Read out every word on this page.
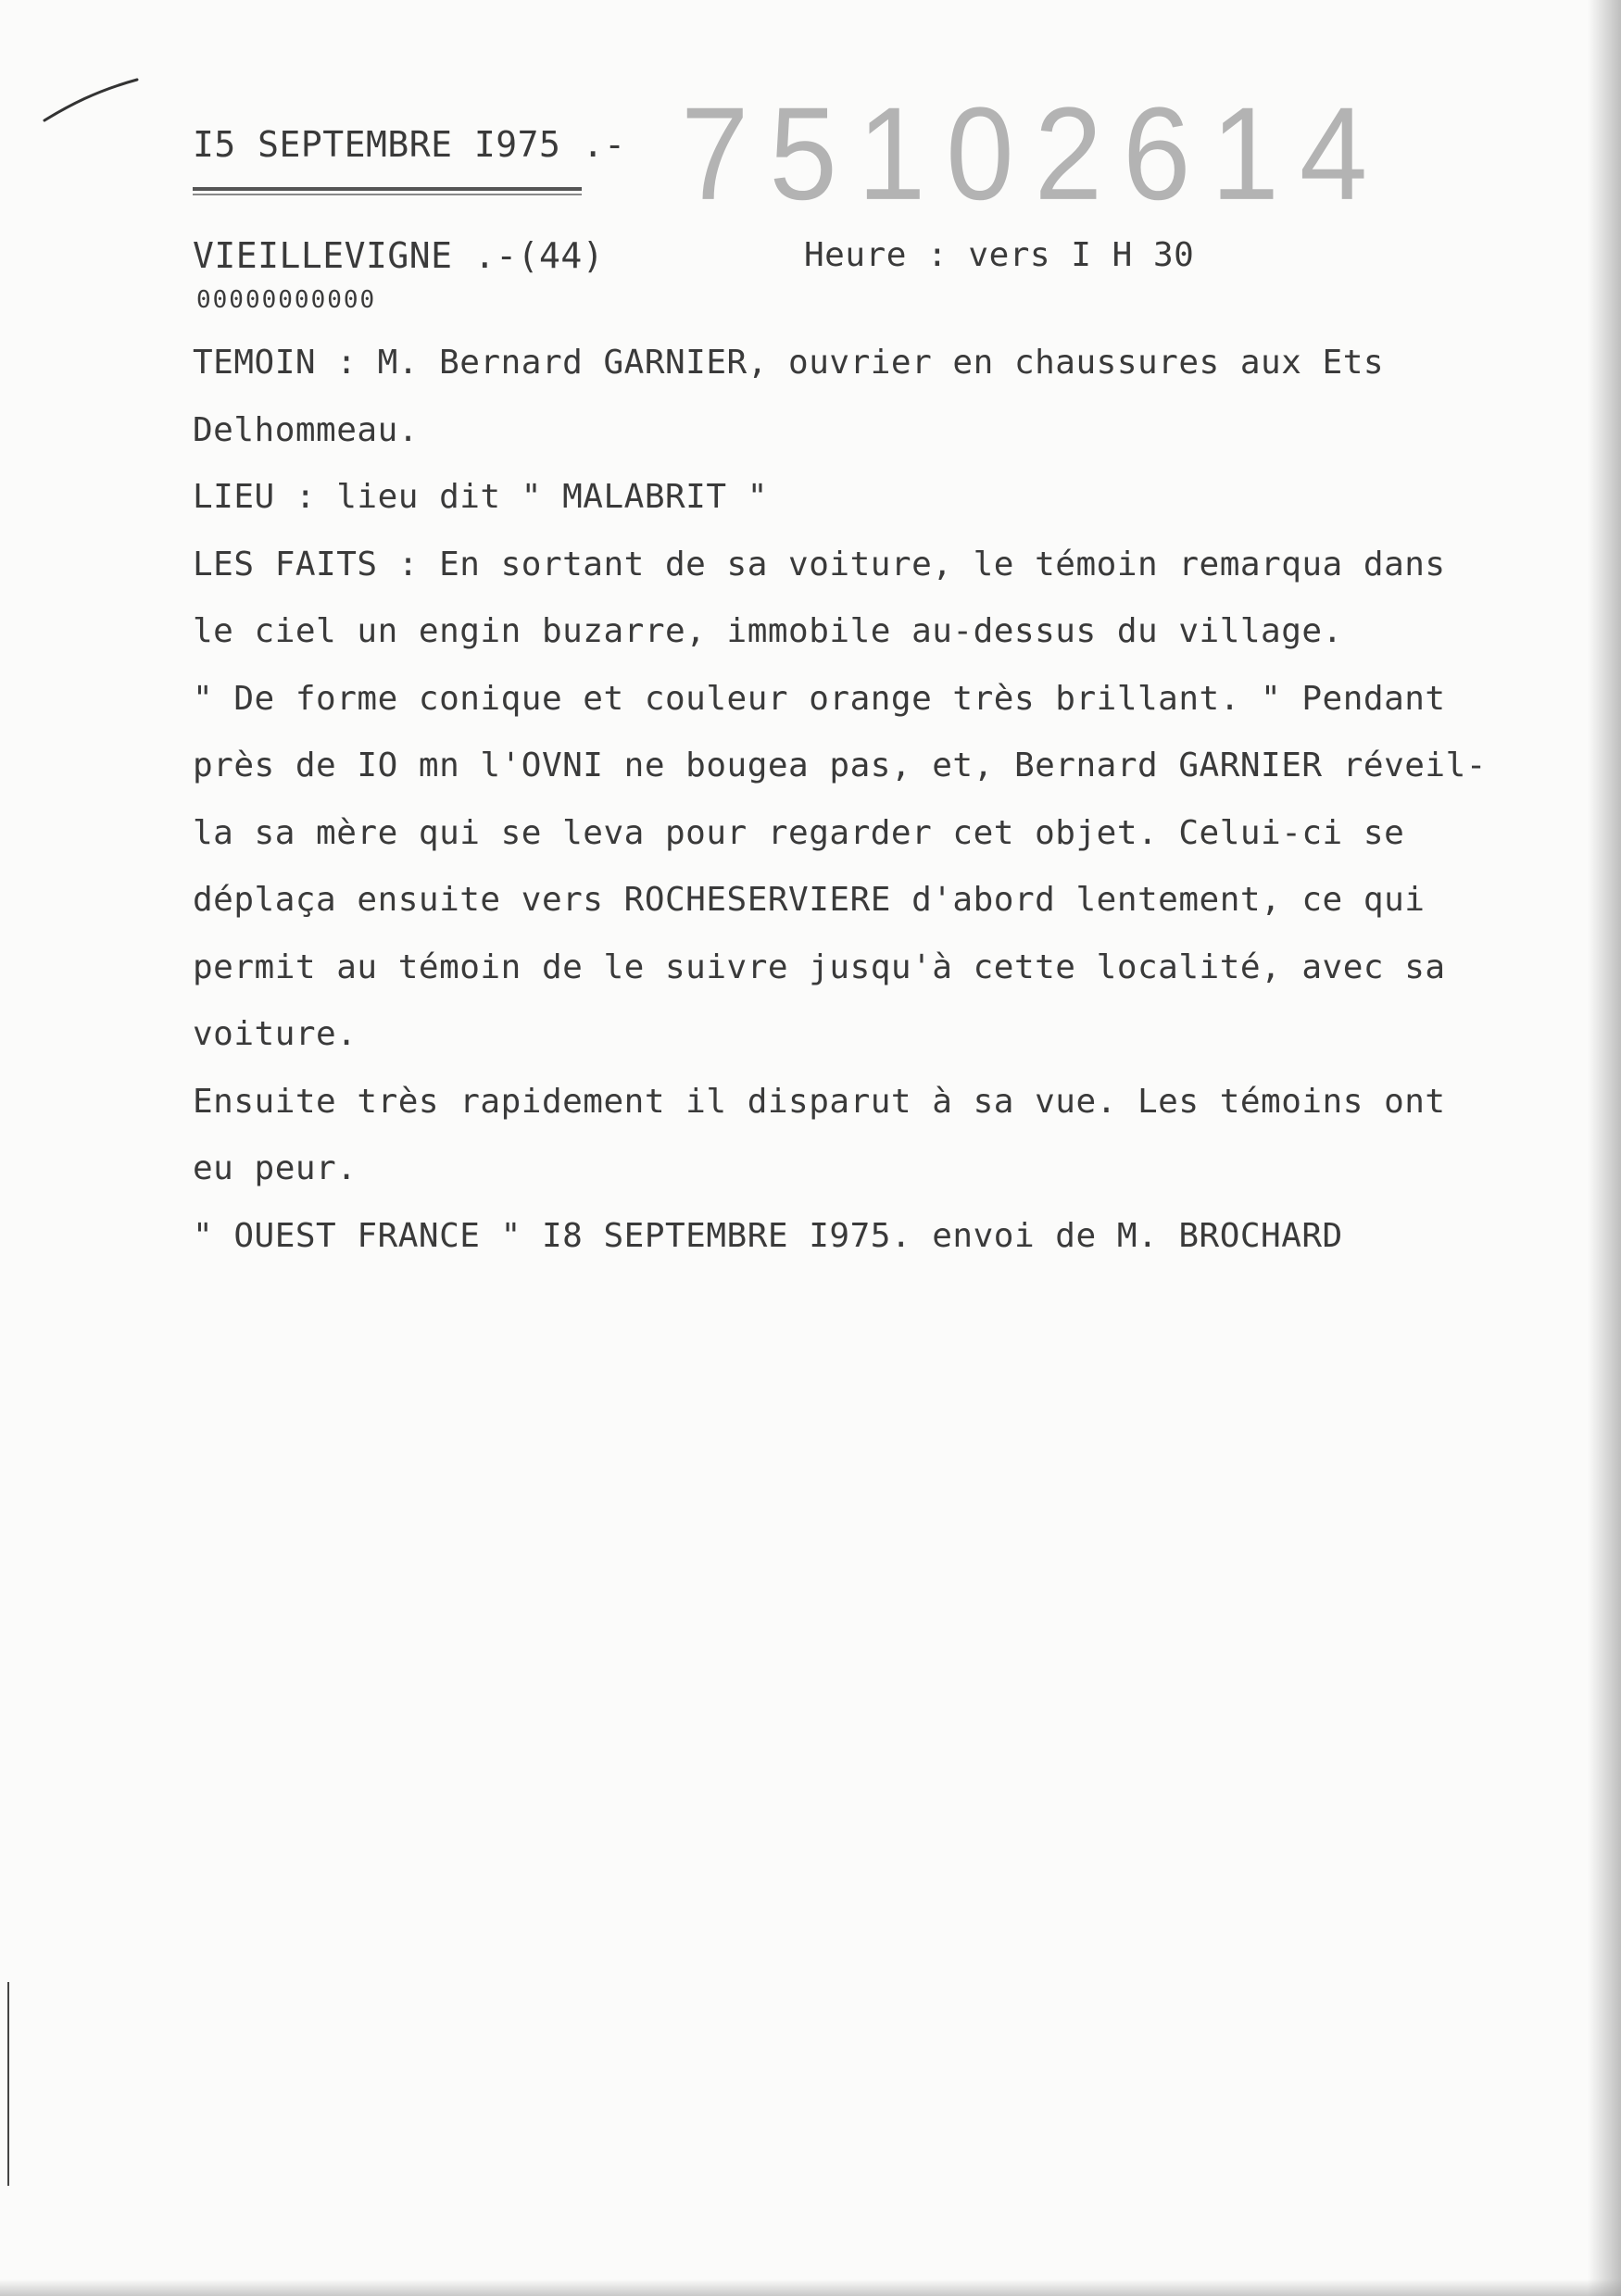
75102614
I5 SEPTEMBRE I975 .-
VIEILLEVIGNE .-(44)	Heure : vers I H 30
00000000000
TEMOIN : M. Bernard GARNIER, ouvrier en chaussures aux Ets
Delhommeau.
LIEU : lieu dit " MALABRIT "
LES FAITS : En sortant de sa voiture, le témoin remarqua dans
le ciel un engin buzarre, immobile au-dessus du village.
" De forme conique et couleur orange très brillant. " Pendant
près de IO mn l'OVNI ne bougea pas, et, Bernard GARNIER réveil-
la sa mère qui se leva pour regarder cet objet. Celui-ci se
déplaça ensuite vers ROCHESERVIERE d'abord lentement, ce qui
permit au témoin de le suivre jusqu'à cette localité, avec sa
voiture.
Ensuite très rapidement il disparut à sa vue. Les témoins ont
eu peur.
" OUEST FRANCE " I8 SEPTEMBRE I975. envoi de M. BROCHARD
